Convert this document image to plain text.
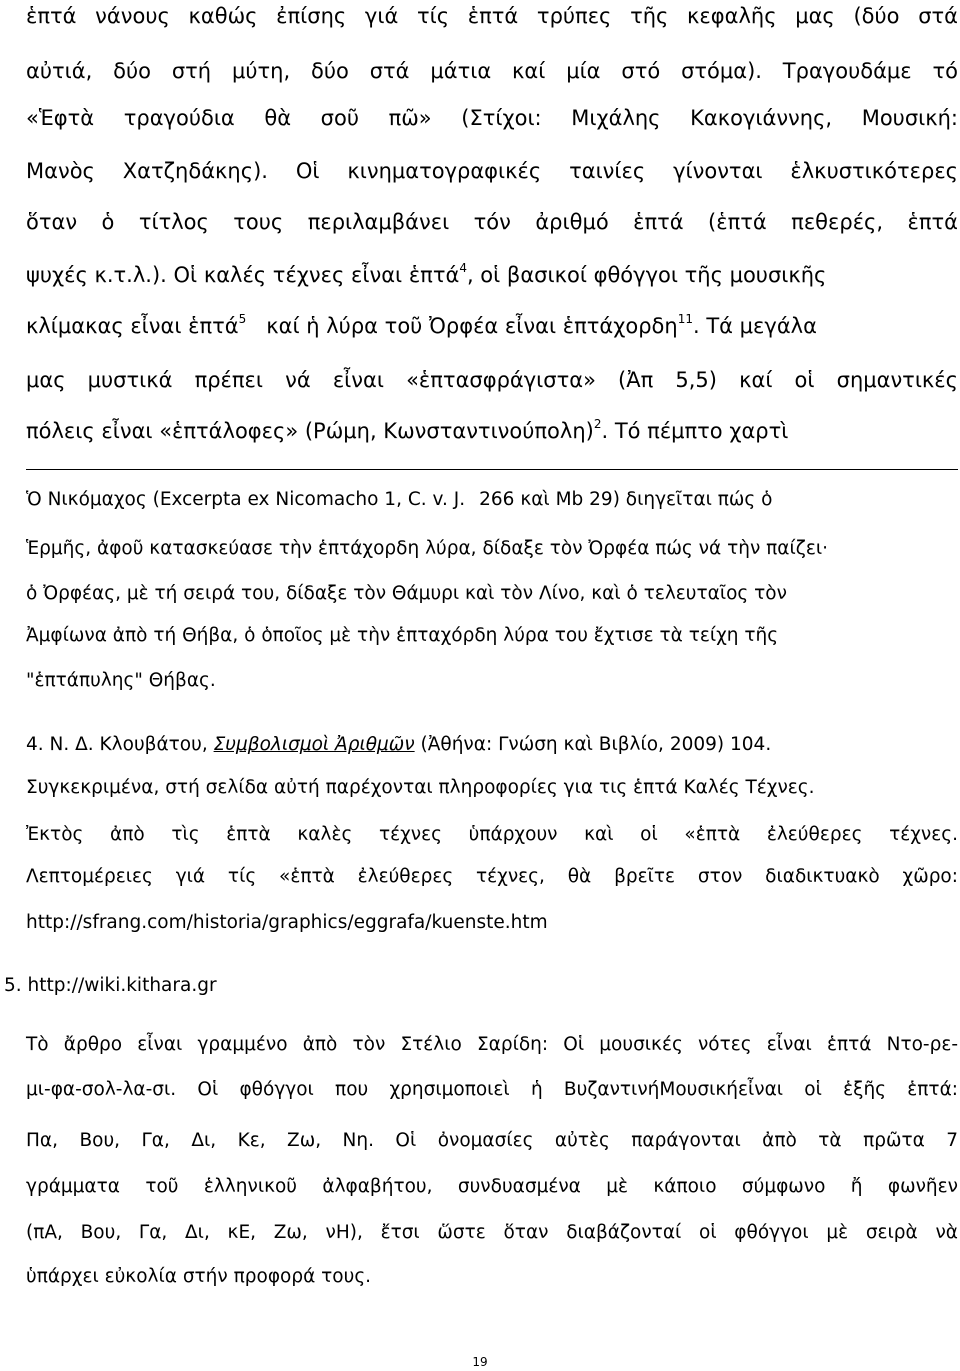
ἑπτά νάνους καθώς ἐπίσης γιά τίς ἑπτά τρύπες τῆς κεφαλῆς μας (δύο στά
αὐτιά, δύο στή μύτη, δύο στά μάτια καί μία στό στόμα). Τραγουδάμε τό
«Ἑφτὰ τραγούδια θὰ σοῦ πῶ» (Στίχοι: Μιχάλης Κακογιάννης, Μουσική:
Μανὸς Χατζηδάκης). Οἱ κινηματογραφικές ταινίες γίνονται ἑλκυστικότερες
ὅταν ὁ τίτλος τους περιλαμβάνει τόν ἀριθμό ἑπτά (ἑπτά πεθερές, ἑπτά
ψυχές κ.τ.λ.). Οἱ καλές τέχνες εἶναι ἑπτά$^4$, οἱ βασικοί φθόγγοι τῆς μουσικῆς
κλίμακας εἶναι ἑπτά$^5$ καί ἡ λύρα τοῦ Ὀρφέα εἶναι ἑπτάχορδη$^{11}$. Τά μεγάλα
μας μυστικά πρέπει νά εἶναι «ἑπτασφράγιστα» (Ἀπ 5,5) καί οἱ σημαντικές
πόλεις εἶναι «ἑπτάλοφες» (Ρώμη, Κωνσταντινούπολη)$^2$. Τό πέμπτο χαρτὶ
Ὁ Νικόμαχος (Excerpta ex Nicomacho 1, C. v. J. 266 καὶ Mb 29) διηγεῖται πώς ὁ
Ἑρμῆς, ἀφοῦ κατασκεύασε τὴν ἑπτάχορδη λύρα, δίδαξε τὸν Ὀρφέα πώς νά τὴν παίζει·
ὁ Ὀρφέας, μὲ τή σειρά του, δίδαξε τὸν Θάμυρι καὶ τὸν Λίνο, καὶ ὁ τελευταῖος τὸν
Ἀμφίωνα ἀπὸ τή Θήβα, ὁ ὁποῖος μὲ τὴν ἑπταχόρδη λύρα του ἔχτισε τὰ τείχη τῆς
"ἑπτάπυλης" Θήβας.
4. Ν. Δ. Κλουβάτου, Συμβολισμοὶ Ἀριθμῶν (Ἀθήνα: Γνώση καὶ Βιβλίο, 2009) 104.
Συγκεκριμένα, στή σελίδα αὐτή παρέχονται πληροφορίες για τις ἑπτά Καλές Τέχνες.
Ἐκτὸς ἀπὸ τὶς ἑπτὰ καλὲς τέχνες ὑπάρχουν καὶ οἱ «ἑπτὰ ἐλεύθερες τέχνες.
Λεπτομέρειες γιά τίς «ἑπτὰ ἐλεύθερες τέχνες, θὰ βρεῖτε στον διαδικτυακὸ χῶρο:
http://sfrang.com/historia/graphics/eggrafa/kuenste.htm
5. http://wiki.kithara.gr
Τὸ ἄρθρο εἶναι γραμμένο ἀπὸ τὸν Στέλιο Σαρίδη: Οἱ μουσικές νότες εἶναι ἑπτά Ντο-ρε-
μι-φα-σολ-λα-σι. Οἱ φθόγγοι που χρησιμοποιεὶ ἡ ΒυζαντινήΜουσικήεἶναι οἱ ἑξῆς ἑπτά:
Πα, Βου, Γα, Δι, Κε, Ζω, Νη. Οἱ ὀνομασίες αὐτὲς παράγονται ἀπὸ τὰ πρῶτα 7
γράμματα τοῦ ἑλληνικοῦ ἀλφαβήτου, συνδυασμένα μὲ κάποιο σύμφωνο ἤ φωνῆεν
(πΑ, Βου, Γα, Δι, κΕ, Ζω, νΗ), ἔτσι ὥστε ὅταν διαβάζονταί οἱ φθόγγοι μὲ σειρὰ νὰ
ὑπάρχει εὐκολία στήν προφορά τους.
19
